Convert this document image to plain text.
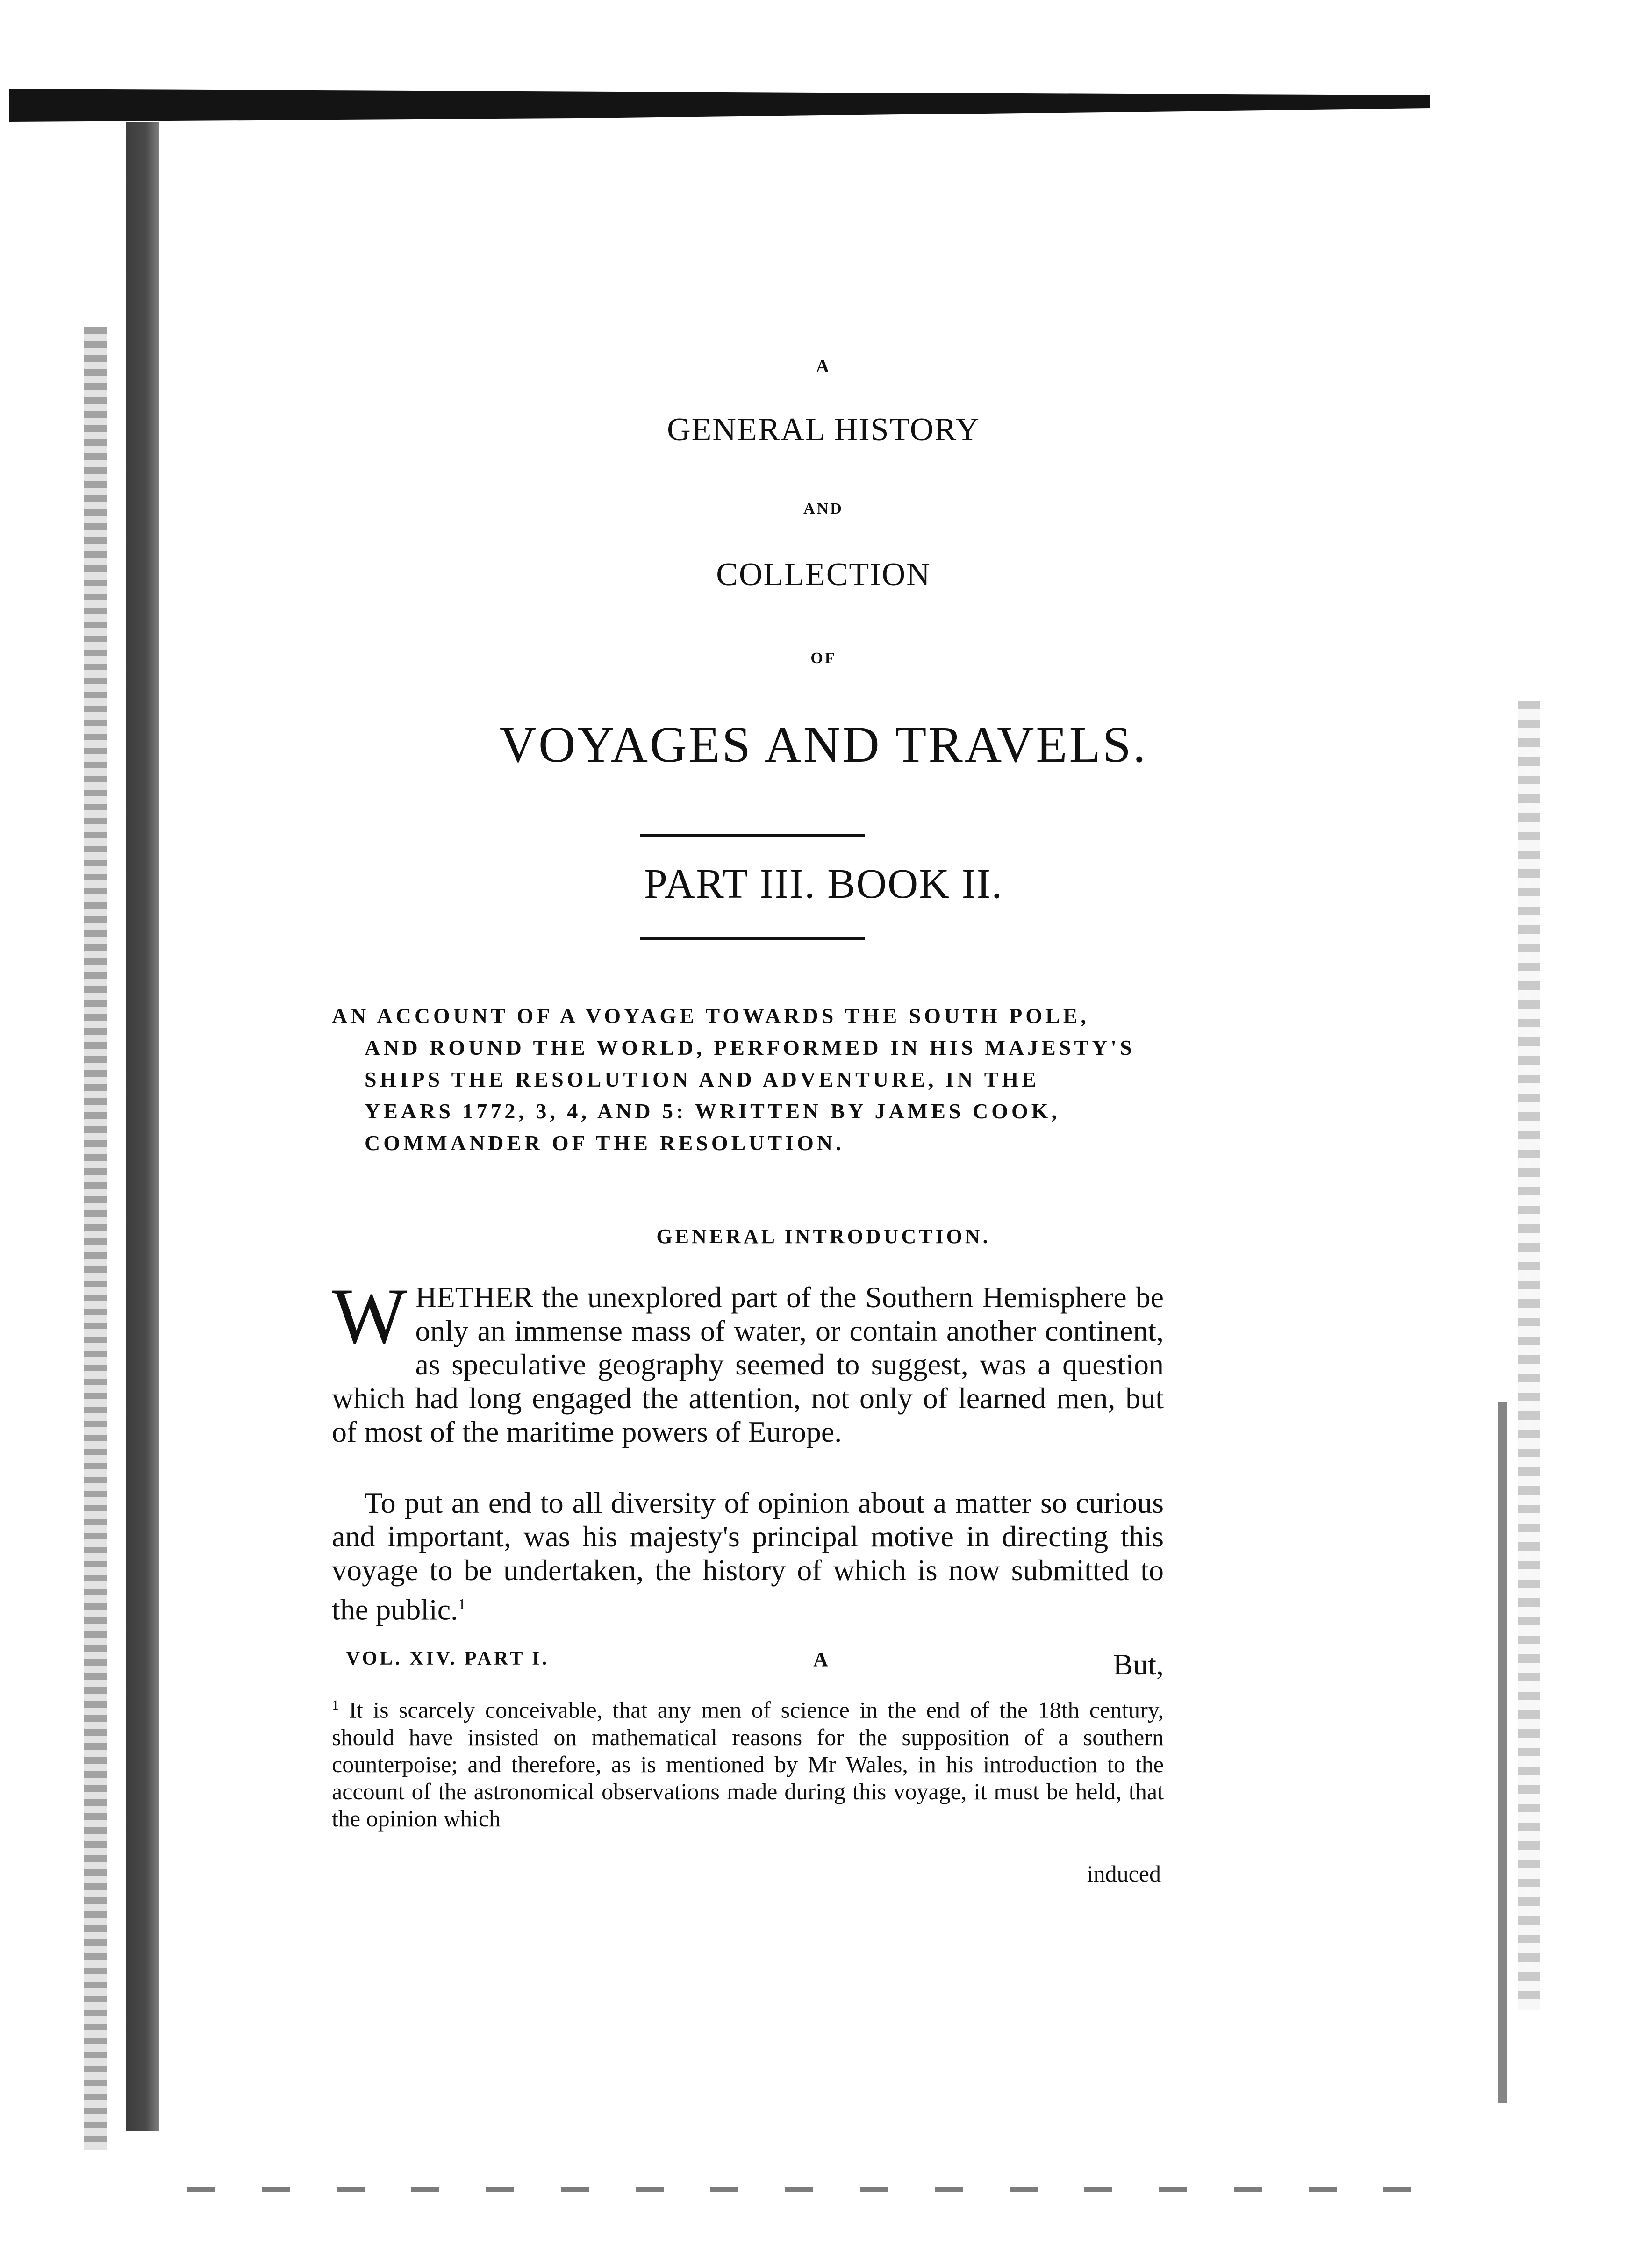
A
GENERAL HISTORY
AND
COLLECTION
OF
VOYAGES AND TRAVELS.
PART III. BOOK II.
AN ACCOUNT OF A VOYAGE TOWARDS THE SOUTH POLE,
AND ROUND THE WORLD, PERFORMED IN HIS MAJESTY'S
SHIPS THE RESOLUTION AND ADVENTURE, IN THE
YEARS 1772, 3, 4, AND 5: WRITTEN BY JAMES COOK,
COMMANDER OF THE RESOLUTION.
GENERAL INTRODUCTION.
WHETHER the unexplored part of the Southern Hemisphere be only an immense mass of water, or contain another continent, as speculative geography seemed to suggest, was a question which had long engaged the attention, not only of learned men, but of most of the maritime powers of Europe.
To put an end to all diversity of opinion about a matter so curious and important, was his majesty's principal motive in directing this voyage to be undertaken, the history of which is now submitted to the public.$^1$
VOL. XIV. PART I.	A	But,
$^1$ It is scarcely conceivable, that any men of science in the end of the 18th century, should have insisted on mathematical reasons for the supposition of a southern counterpoise; and therefore, as is mentioned by Mr Wales, in his introduction to the account of the astronomical observations made during this voyage, it must be held, that the opinion which
induced
